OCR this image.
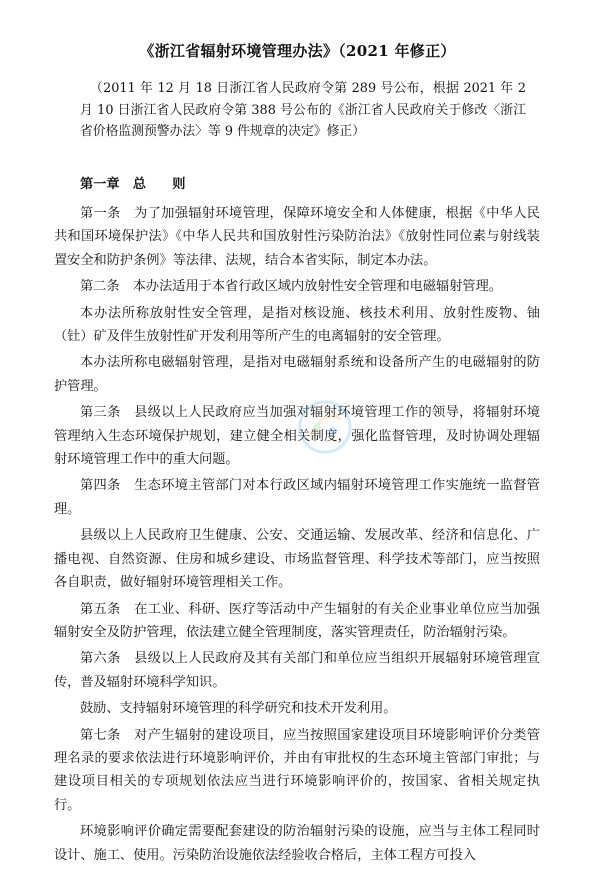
《浙江省辐射环境管理办法》（2021 年修正）
（2011 年 12 月 18 日浙江省人民政府令第 289 号公布，根据 2021 年 2 月 10 日浙江省人民政府令第 388 号公布的《浙江省人民政府关于修改〈浙江省价格监测预警办法〉等 9 件规章的决定》修正）
第一章　总　　则

第一条　为了加强辐射环境管理，保障环境安全和人体健康，根据《中华人民共和国环境保护法》《中华人民共和国放射性污染防治法》《放射性同位素与射线装置安全和防护条例》等法律、法规，结合本省实际，制定本办法。

第二条　本办法适用于本省行政区域内放射性安全管理和电磁辐射管理。

本办法所称放射性安全管理，是指对核设施、核技术利用、放射性废物、铀（钍）矿及伴生放射性矿开发利用等所产生的电离辐射的安全管理。

本办法所称电磁辐射管理，是指对电磁辐射系统和设备所产生的电磁辐射的防护管理。

第三条　县级以上人民政府应当加强对辐射环境管理工作的领导，将辐射环境管理纳入生态环境保护规划，建立健全相关制度，强化监督管理，及时协调处理辐射环境管理工作中的重大问题。

第四条　生态环境主管部门对本行政区域内辐射环境管理工作实施统一监督管理。

县级以上人民政府卫生健康、公安、交通运输、发展改革、经济和信息化、广播电视、自然资源、住房和城乡建设、市场监督管理、科学技术等部门，应当按照各自职责，做好辐射环境管理相关工作。

第五条　在工业、科研、医疗等活动中产生辐射的有关企业事业单位应当加强辐射安全及防护管理，依法建立健全管理制度，落实管理责任，防治辐射污染。

第六条　县级以上人民政府及其有关部门和单位应当组织开展辐射环境管理宣传，普及辐射环境科学知识。

鼓励、支持辐射环境管理的科学研究和技术开发利用。

第七条　对产生辐射的建设项目，应当按照国家建设项目环境影响评价分类管理名录的要求依法进行环境影响评价，并由有审批权的生态环境主管部门审批；与建设项目相关的专项规划依法应当进行环境影响评价的，按国家、省相关规定执行。

环境影响评价确定需要配套建设的防治辐射污染的设施，应当与主体工程同时设计、施工、使用。污染防治设施依法经验收合格后，主体工程方可投入
